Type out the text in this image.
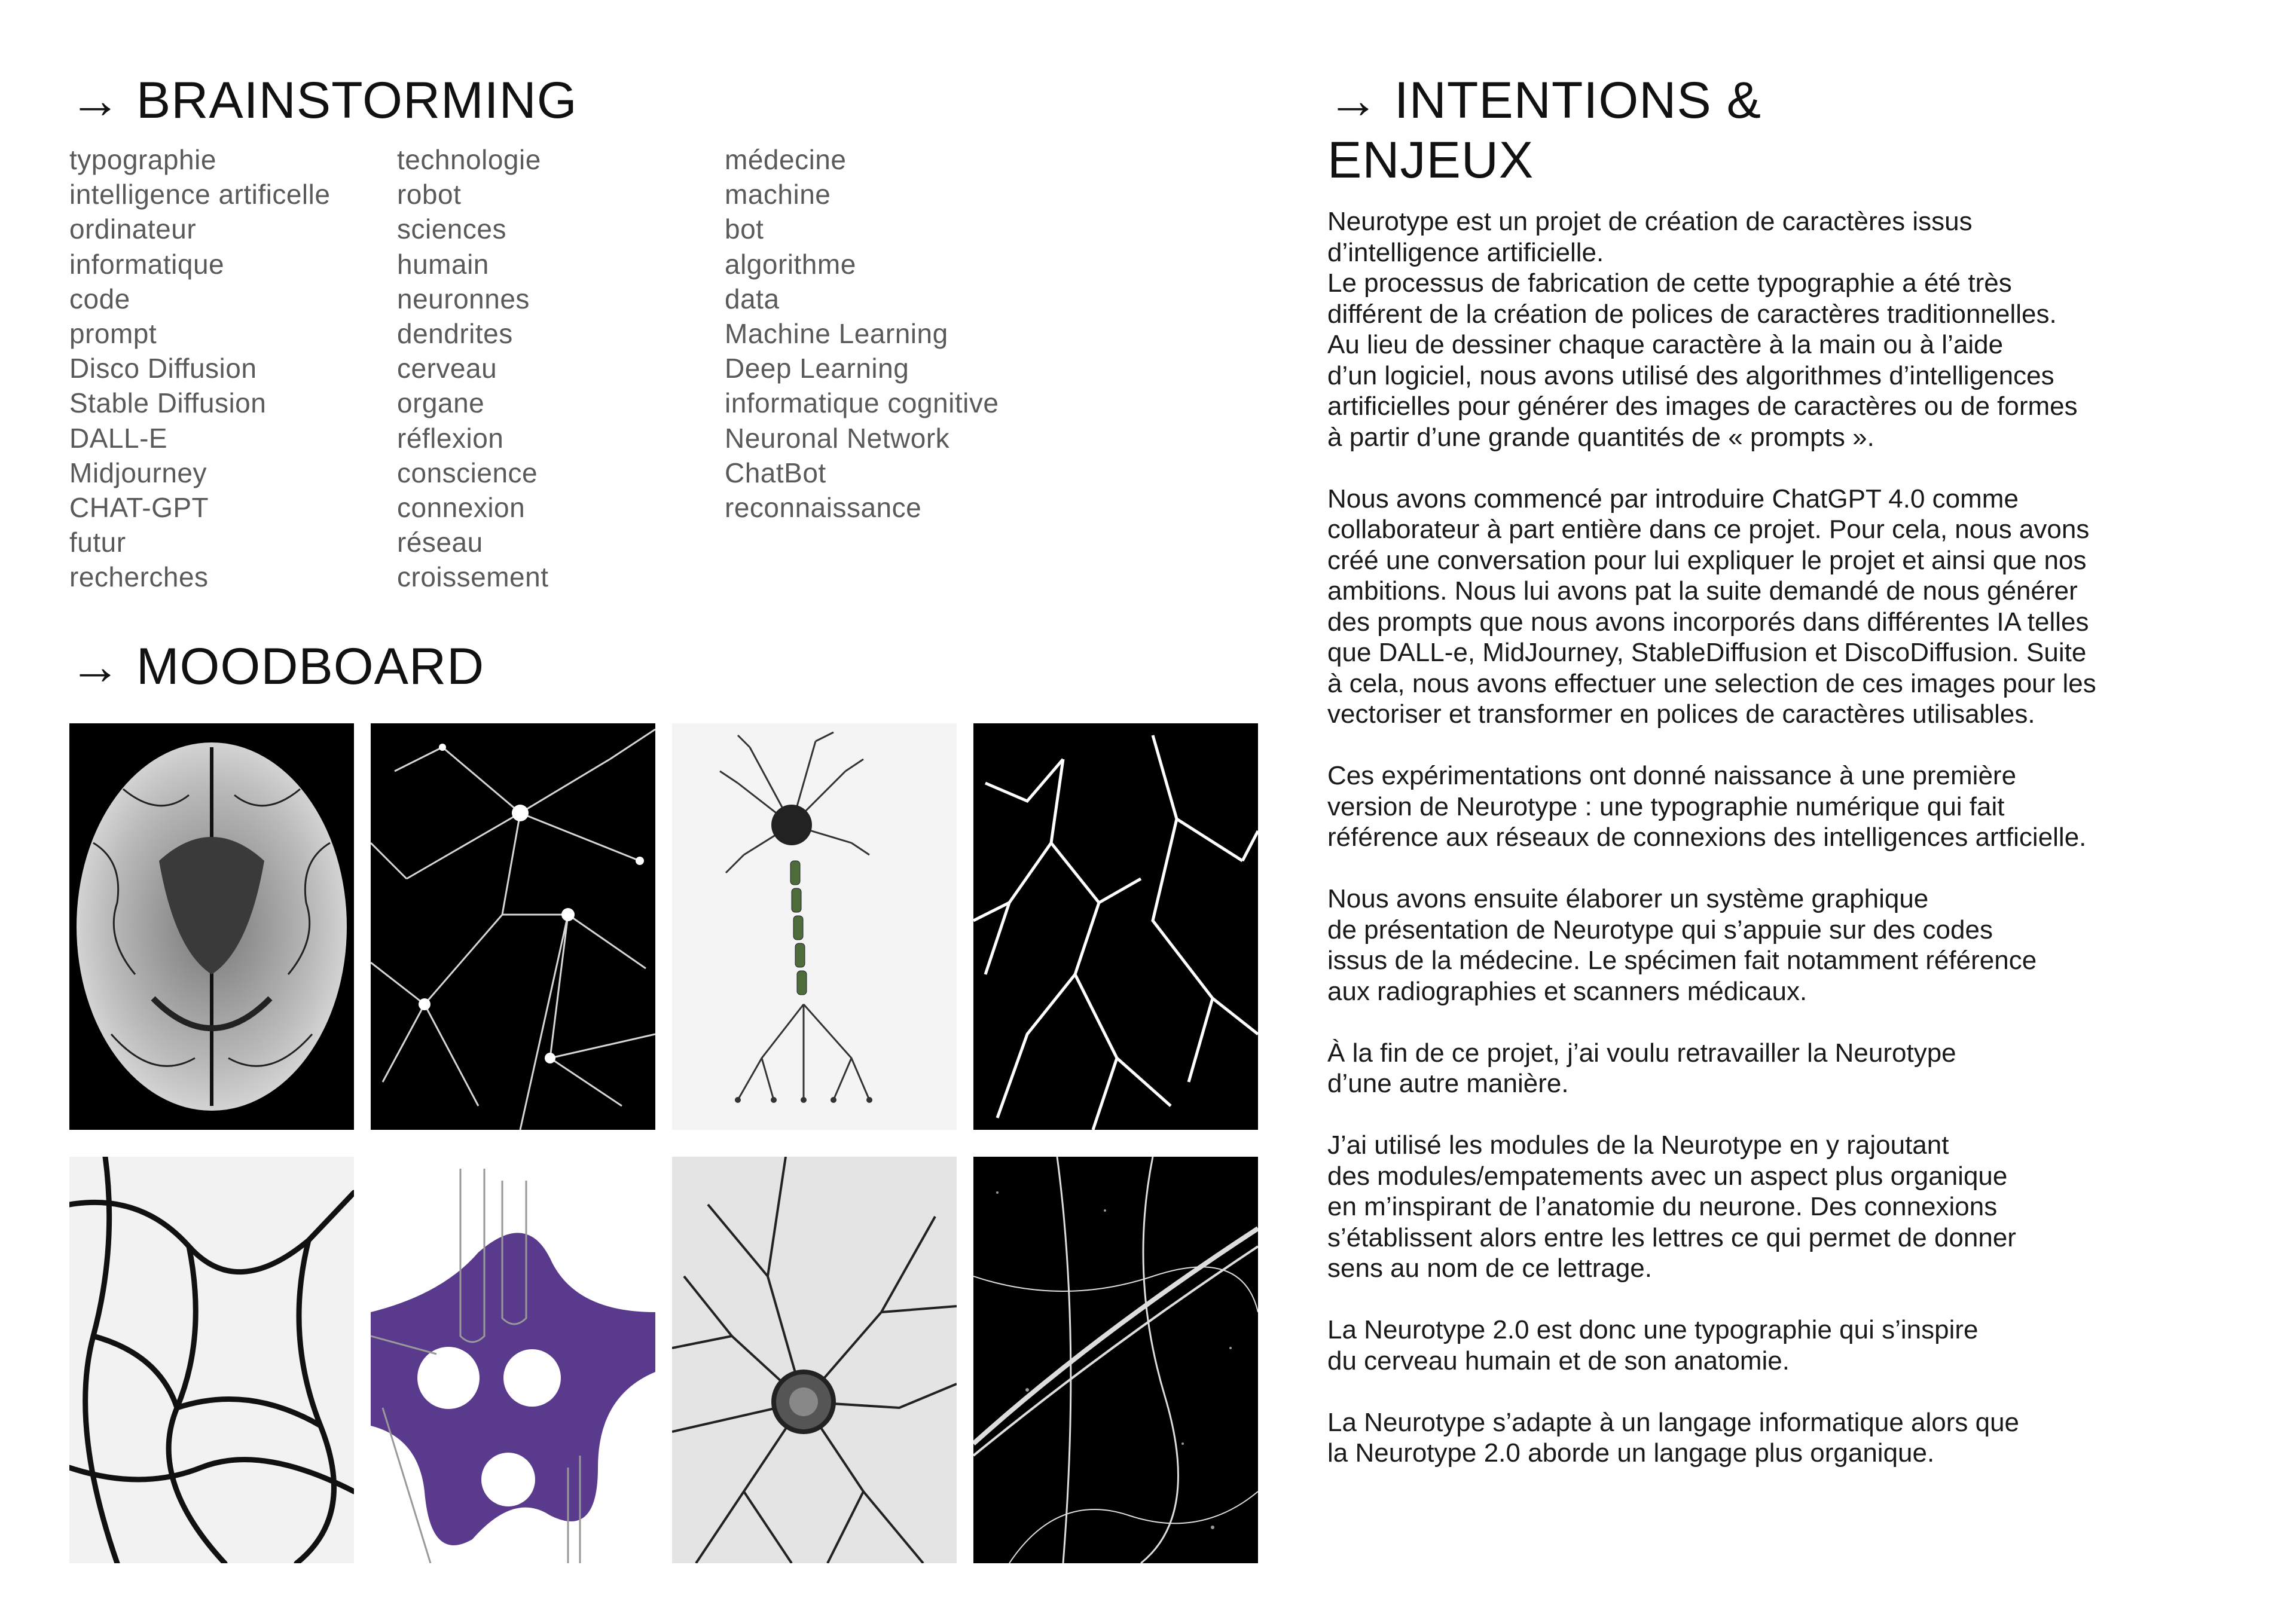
→ BRAINSTORMING
typographie
intelligence artificelle
ordinateur
informatique
code
prompt
Disco Diffusion
Stable Diffusion
DALL-E
Midjourney
CHAT-GPT
futur
recherches
technologie
robot
sciences
humain
neuronnes
dendrites
cerveau
organe
réflexion
conscience
connexion
réseau
croissement
médecine
machine
bot
algorithme
data
Machine Learning
Deep Learning
informatique cognitive
Neuronal Network
ChatBot
reconnaissance
→ MOODBOARD
→ INTENTIONS &
ENJEUX

Neurotype est un projet de création de caractères issus
d’intelligence artificielle.
Le processus de fabrication de cette typographie a été très
différent de la création de polices de caractères traditionnelles.
Au lieu de dessiner chaque caractère à la main ou à l’aide
d’un logiciel, nous avons utilisé des algorithmes d’intelligences
artificielles pour générer des images de caractères ou de formes
à partir d’une grande quantités de « prompts ».

Nous avons commencé par introduire ChatGPT 4.0 comme
collaborateur à part entière dans ce projet. Pour cela, nous avons
créé une conversation pour lui expliquer le projet et ainsi que nos
ambitions. Nous lui avons pat la suite demandé de nous générer
des prompts que nous avons incorporés dans différentes IA telles
que DALL-e, MidJourney, StableDiffusion et DiscoDiffusion. Suite
à cela, nous avons effectuer une selection de ces images pour les
vectoriser et transformer en polices de caractères utilisables.

Ces expérimentations ont donné naissance à une première
version de Neurotype : une typographie numérique qui fait
référence aux réseaux de connexions des intelligences artficielle.

Nous avons ensuite élaborer un système graphique
de présentation de Neurotype qui s’appuie sur des codes
issus de la médecine. Le spécimen fait notamment référence
aux radiographies et scanners médicaux.

À la fin de ce projet, j’ai voulu retravailler la Neurotype
d’une autre manière.

J’ai utilisé les modules de la Neurotype en y rajoutant
des modules/empatements avec un aspect plus organique
en m’inspirant de l’anatomie du neurone. Des connexions
s’établissent alors entre les lettres ce qui permet de donner
sens au nom de ce lettrage.

La Neurotype 2.0 est donc une typographie qui s’inspire
du cerveau humain et de son anatomie.

La Neurotype s’adapte à un langage informatique alors que
la Neurotype 2.0 aborde un langage plus organique.
